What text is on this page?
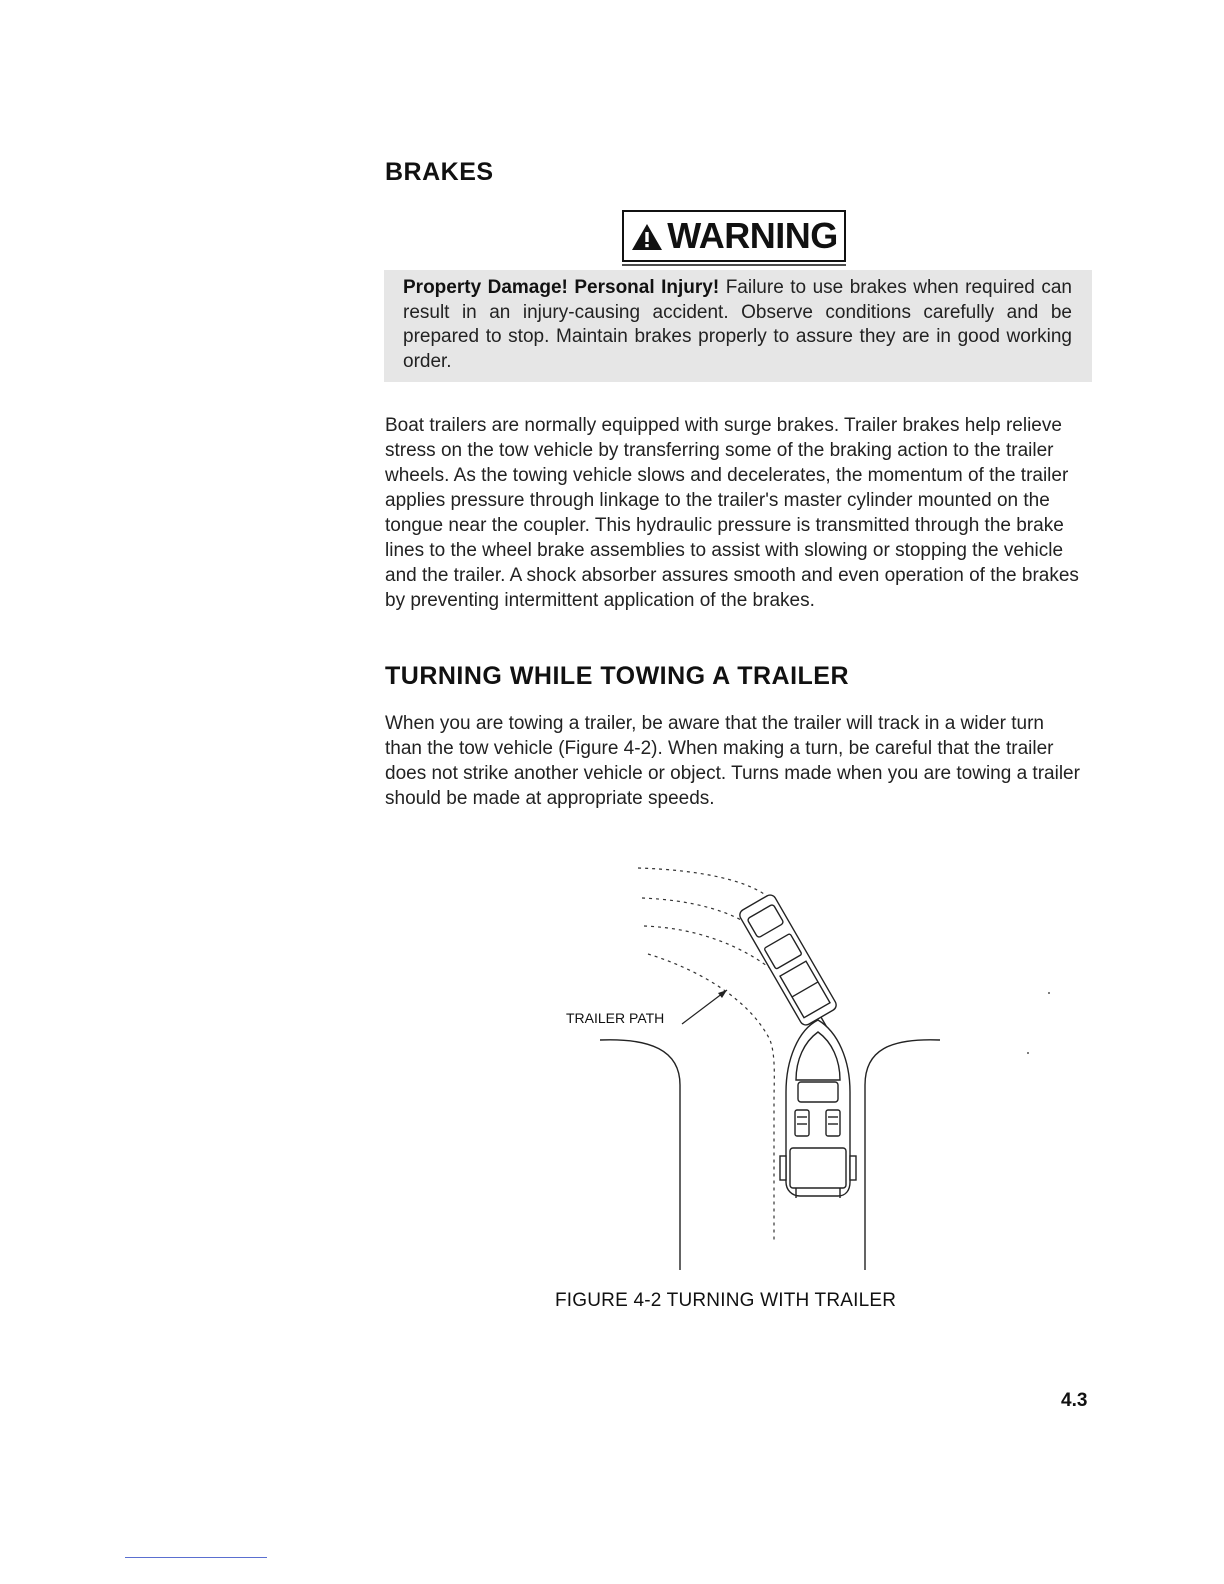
BRAKES
WARNING
Property Damage! Personal Injury! Failure to use brakes when required can result in an injury-causing accident. Observe conditions carefully and be prepared to stop. Maintain brakes properly to assure they are in good working order.

Boat trailers are normally equipped with surge brakes. Trailer brakes help relieve stress on the tow vehicle by transferring some of the braking action to the trailer wheels. As the towing vehicle slows and decelerates, the momentum of the trailer applies pressure through linkage to the trailer's master cylinder mounted on the tongue near the coupler. This hydraulic pressure is transmitted through the brake lines to the wheel brake assemblies to assist with slowing or stopping the vehicle and the trailer. A shock absorber assures smooth and even operation of the brakes by preventing intermittent application of the brakes.

TURNING WHILE TOWING A TRAILER

When you are towing a trailer, be aware that the trailer will track in a wider turn than the tow vehicle (Figure 4-2). When making a turn, be careful that the trailer does not strike another vehicle or object. Turns made when you are towing a trailer should be made at appropriate speeds.

TRAILER PATH
FIGURE 4-2 TURNING WITH TRAILER
4.3
